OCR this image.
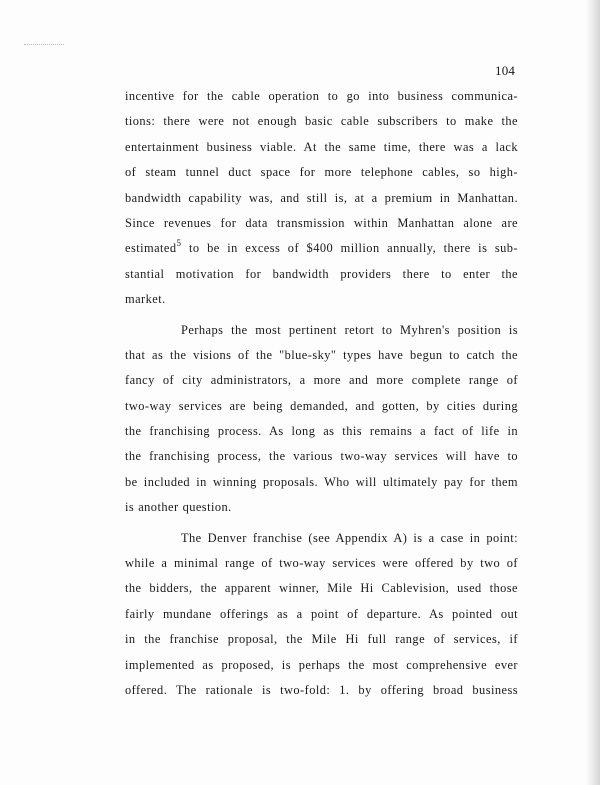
104
incentive for the cable operation to go into business communica-
tions: there were not enough basic cable subscribers to make the
entertainment business viable. At the same time, there was a lack
of steam tunnel duct space for more telephone cables, so high-
bandwidth capability was, and still is, at a premium in Manhattan.
Since revenues for data transmission within Manhattan alone are
estimated$^5$ to be in excess of $400 million annually, there is sub-
stantial motivation for bandwidth providers there to enter the
market.
Perhaps the most pertinent retort to Myhren's position is
that as the visions of the "blue-sky" types have begun to catch the
fancy of city administrators, a more and more complete range of
two-way services are being demanded, and gotten, by cities during
the franchising process. As long as this remains a fact of life in
the franchising process, the various two-way services will have to
be included in winning proposals. Who will ultimately pay for them
is another question.
The Denver franchise (see Appendix A) is a case in point:
while a minimal range of two-way services were offered by two of
the bidders, the apparent winner, Mile Hi Cablevision, used those
fairly mundane offerings as a point of departure. As pointed out
in the franchise proposal, the Mile Hi full range of services, if
implemented as proposed, is perhaps the most comprehensive ever
offered. The rationale is two-fold: 1. by offering broad business
